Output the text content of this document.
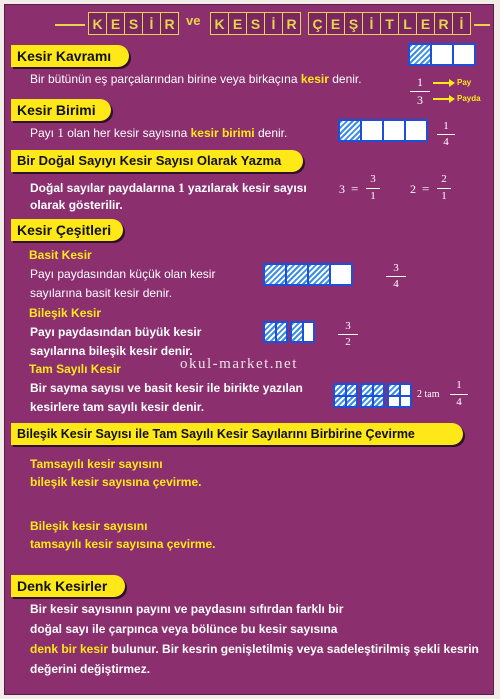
K E S İ R ve K E S İ R	Ç E Ş İ T L E R İ
Kesir Kavramı
Bir bütünün eş parçalarından birine veya birkaçına kesir denir.	1
3
Pay
Payda
Kesir Birimi
Payı 1 olan her kesir sayısına kesir birimi denir.	1
4
Bir Doğal Sayıyı Kesir Sayısı Olarak Yazma
Doğal sayılar paydalarına 1 yazılarak kesir sayısı
olarak gösterilir.
3 =
3
1	2 =
2
1
Kesir Çeşitleri
Basit Kesir
Payı paydasından küçük olan kesir
sayılarına basit kesir denir.
3
4
Bileşik Kesir
Payı paydasından büyük kesir
sayılarına bileşik kesir denir.
3
2
Tam Sayılı Kesir
Bir sayma sayısı ve basit kesir ile birikte yazılan
kesirlere tam sayılı kesir denir.
2 tam
1
4
okul-market.net
Bileşik Kesir Sayısı ile Tam Sayılı Kesir Sayılarını Birbirine Çevirme
Tamsayılı kesir sayısını
bileşik kesir sayısına çevirme.
Bileşik kesir sayısını
tamsayılı kesir sayısına çevirme.
Denk Kesirler
Bir kesir sayısının payını ve paydasını sıfırdan farklı bir
doğal sayı ile çarpınca veya bölünce bu kesir sayısına
denk bir kesir bulunur. Bir kesrin genişletilmiş veya sadeleştirilmiş şekli kesrin
değerini değiştirmez.
